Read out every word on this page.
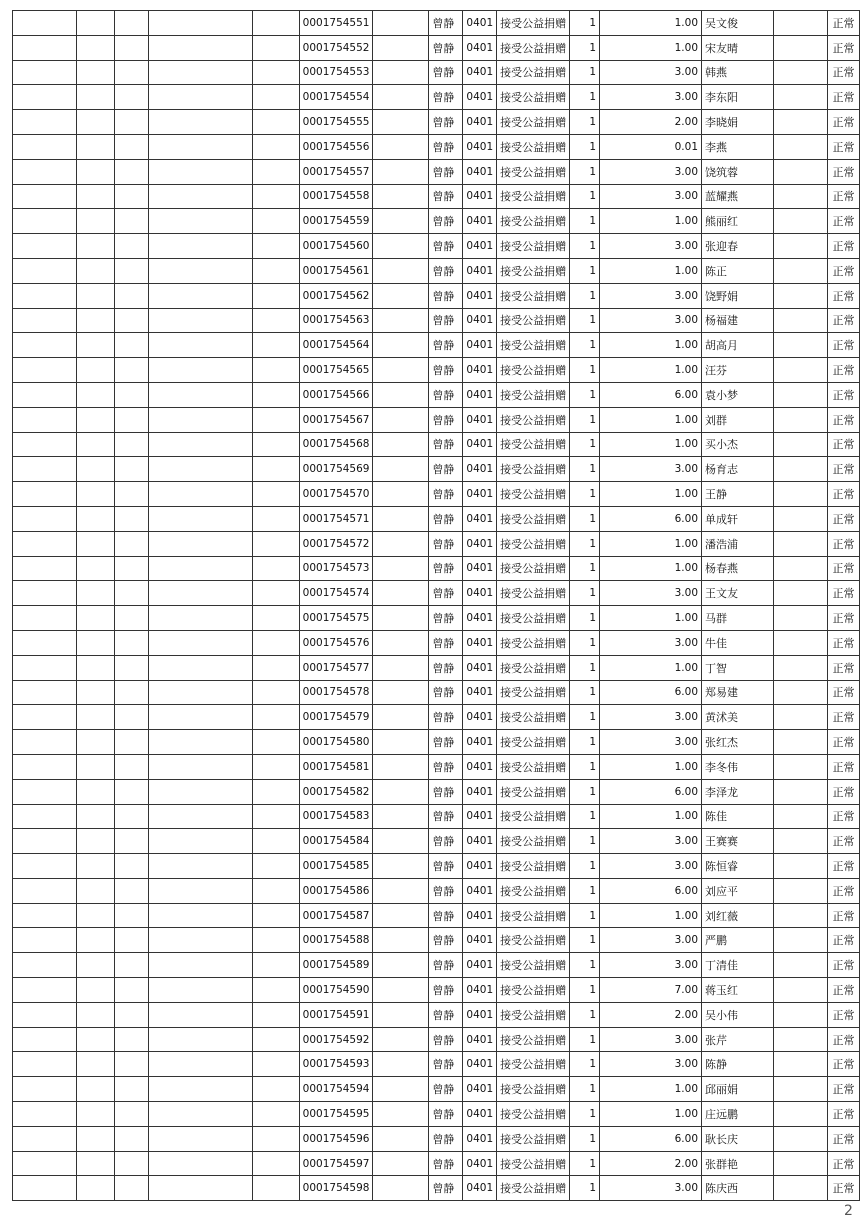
					0001754551		曾静	0401	接受公益捐赠	1	1.00	吴文俊		正常
					0001754552		曾静	0401	接受公益捐赠	1	1.00	宋友晴		正常
					0001754553		曾静	0401	接受公益捐赠	1	3.00	韩燕		正常
					0001754554		曾静	0401	接受公益捐赠	1	3.00	李东阳		正常
					0001754555		曾静	0401	接受公益捐赠	1	2.00	李晓娟		正常
					0001754556		曾静	0401	接受公益捐赠	1	0.01	李燕		正常
					0001754557		曾静	0401	接受公益捐赠	1	3.00	饶筑蓉		正常
					0001754558		曾静	0401	接受公益捐赠	1	3.00	蓝耀燕		正常
					0001754559		曾静	0401	接受公益捐赠	1	1.00	熊丽红		正常
					0001754560		曾静	0401	接受公益捐赠	1	3.00	张迎春		正常
					0001754561		曾静	0401	接受公益捐赠	1	1.00	陈正		正常
					0001754562		曾静	0401	接受公益捐赠	1	3.00	饶野娟		正常
					0001754563		曾静	0401	接受公益捐赠	1	3.00	杨福建		正常
					0001754564		曾静	0401	接受公益捐赠	1	1.00	胡高月		正常
					0001754565		曾静	0401	接受公益捐赠	1	1.00	汪芬		正常
					0001754566		曾静	0401	接受公益捐赠	1	6.00	袁小梦		正常
					0001754567		曾静	0401	接受公益捐赠	1	1.00	刘群		正常
					0001754568		曾静	0401	接受公益捐赠	1	1.00	买小杰		正常
					0001754569		曾静	0401	接受公益捐赠	1	3.00	杨育志		正常
					0001754570		曾静	0401	接受公益捐赠	1	1.00	王静		正常
					0001754571		曾静	0401	接受公益捐赠	1	6.00	单成轩		正常
					0001754572		曾静	0401	接受公益捐赠	1	1.00	潘浩浦		正常
					0001754573		曾静	0401	接受公益捐赠	1	1.00	杨春燕		正常
					0001754574		曾静	0401	接受公益捐赠	1	3.00	王文友		正常
					0001754575		曾静	0401	接受公益捐赠	1	1.00	马群		正常
					0001754576		曾静	0401	接受公益捐赠	1	3.00	牛佳		正常
					0001754577		曾静	0401	接受公益捐赠	1	1.00	丁智		正常
					0001754578		曾静	0401	接受公益捐赠	1	6.00	郑易建		正常
					0001754579		曾静	0401	接受公益捐赠	1	3.00	黄沭美		正常
					0001754580		曾静	0401	接受公益捐赠	1	3.00	张红杰		正常
					0001754581		曾静	0401	接受公益捐赠	1	1.00	李冬伟		正常
					0001754582		曾静	0401	接受公益捐赠	1	6.00	李泽龙		正常
					0001754583		曾静	0401	接受公益捐赠	1	1.00	陈佳		正常
					0001754584		曾静	0401	接受公益捐赠	1	3.00	王赛赛		正常
					0001754585		曾静	0401	接受公益捐赠	1	3.00	陈恒睿		正常
					0001754586		曾静	0401	接受公益捐赠	1	6.00	刘应平		正常
					0001754587		曾静	0401	接受公益捐赠	1	1.00	刘红薇		正常
					0001754588		曾静	0401	接受公益捐赠	1	3.00	严鹏		正常
					0001754589		曾静	0401	接受公益捐赠	1	3.00	丁清佳		正常
					0001754590		曾静	0401	接受公益捐赠	1	7.00	蒋玉红		正常
					0001754591		曾静	0401	接受公益捐赠	1	2.00	吴小伟		正常
					0001754592		曾静	0401	接受公益捐赠	1	3.00	张芹		正常
					0001754593		曾静	0401	接受公益捐赠	1	3.00	陈静		正常
					0001754594		曾静	0401	接受公益捐赠	1	1.00	邱丽娟		正常
					0001754595		曾静	0401	接受公益捐赠	1	1.00	庄远鹏		正常
					0001754596		曾静	0401	接受公益捐赠	1	6.00	耿长庆		正常
					0001754597		曾静	0401	接受公益捐赠	1	2.00	张群艳		正常
					0001754598		曾静	0401	接受公益捐赠	1	3.00	陈庆西		正常
2
